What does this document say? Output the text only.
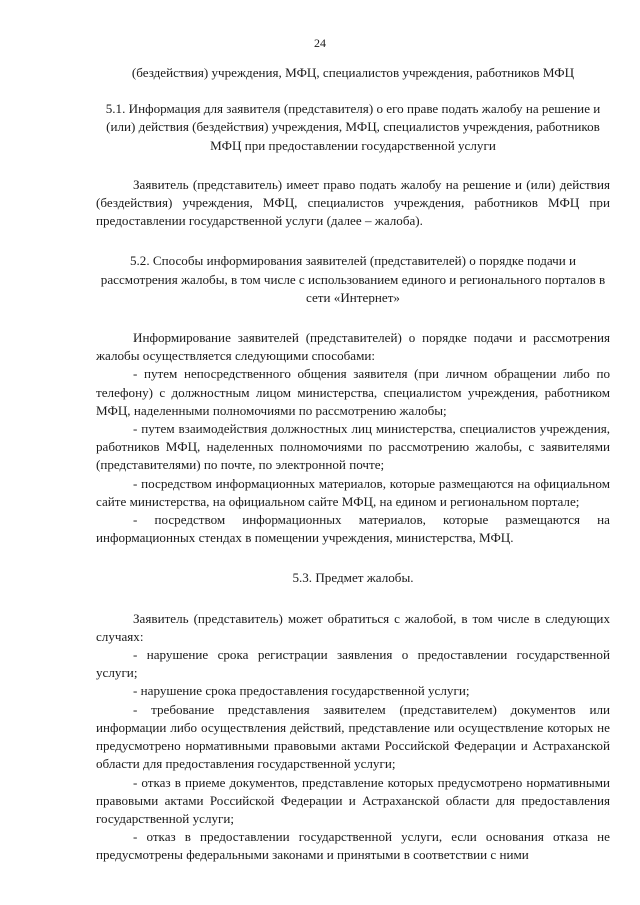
24

(бездействия) учреждения, МФЦ, специалистов учреждения, работников МФЦ

5.1. Информация для заявителя (представителя) о его праве подать жалобу на решение и (или) действия (бездействия) учреждения, МФЦ, специалистов учреждения, работников МФЦ при предоставлении государственной услуги

Заявитель (представитель) имеет право подать жалобу на решение и (или) действия (бездействия) учреждения, МФЦ, специалистов учреждения, работников МФЦ при предоставлении государственной услуги (далее – жалоба).

5.2. Способы информирования заявителей (представителей) о порядке подачи и рассмотрения жалобы, в том числе с использованием единого и регионального порталов в сети «Интернет»

Информирование заявителей (представителей) о порядке подачи и рассмотрения жалобы осуществляется следующими способами:

- путем непосредственного общения заявителя (при личном обращении либо по телефону) с должностным лицом министерства, специалистом учреждения, работником МФЦ, наделенными полномочиями по рассмотрению жалобы;

- путем взаимодействия должностных лиц министерства, специалистов учреждения, работников МФЦ, наделенных полномочиями по рассмотрению жалобы, с заявителями (представителями) по почте, по электронной почте;

- посредством информационных материалов, которые размещаются на официальном сайте министерства, на официальном сайте МФЦ, на едином и региональном портале;

- посредством информационных материалов, которые размещаются на информационных стендах в помещении учреждения, министерства, МФЦ.

5.3. Предмет жалобы.

Заявитель (представитель) может обратиться с жалобой, в том числе в следующих случаях:

- нарушение срока регистрации заявления о предоставлении государственной услуги;

- нарушение срока предоставления государственной услуги;

- требование представления заявителем (представителем) документов или информации либо осуществления действий, представление или осуществление которых не предусмотрено нормативными правовыми актами Российской Федерации и Астраханской области для предоставления государственной услуги;

- отказ в приеме документов, представление которых предусмотрено нормативными правовыми актами Российской Федерации и Астраханской области для предоставления государственной услуги;

- отказ в предоставлении государственной услуги, если основания отказа не предусмотрены федеральными законами и принятыми в соответствии с ними
